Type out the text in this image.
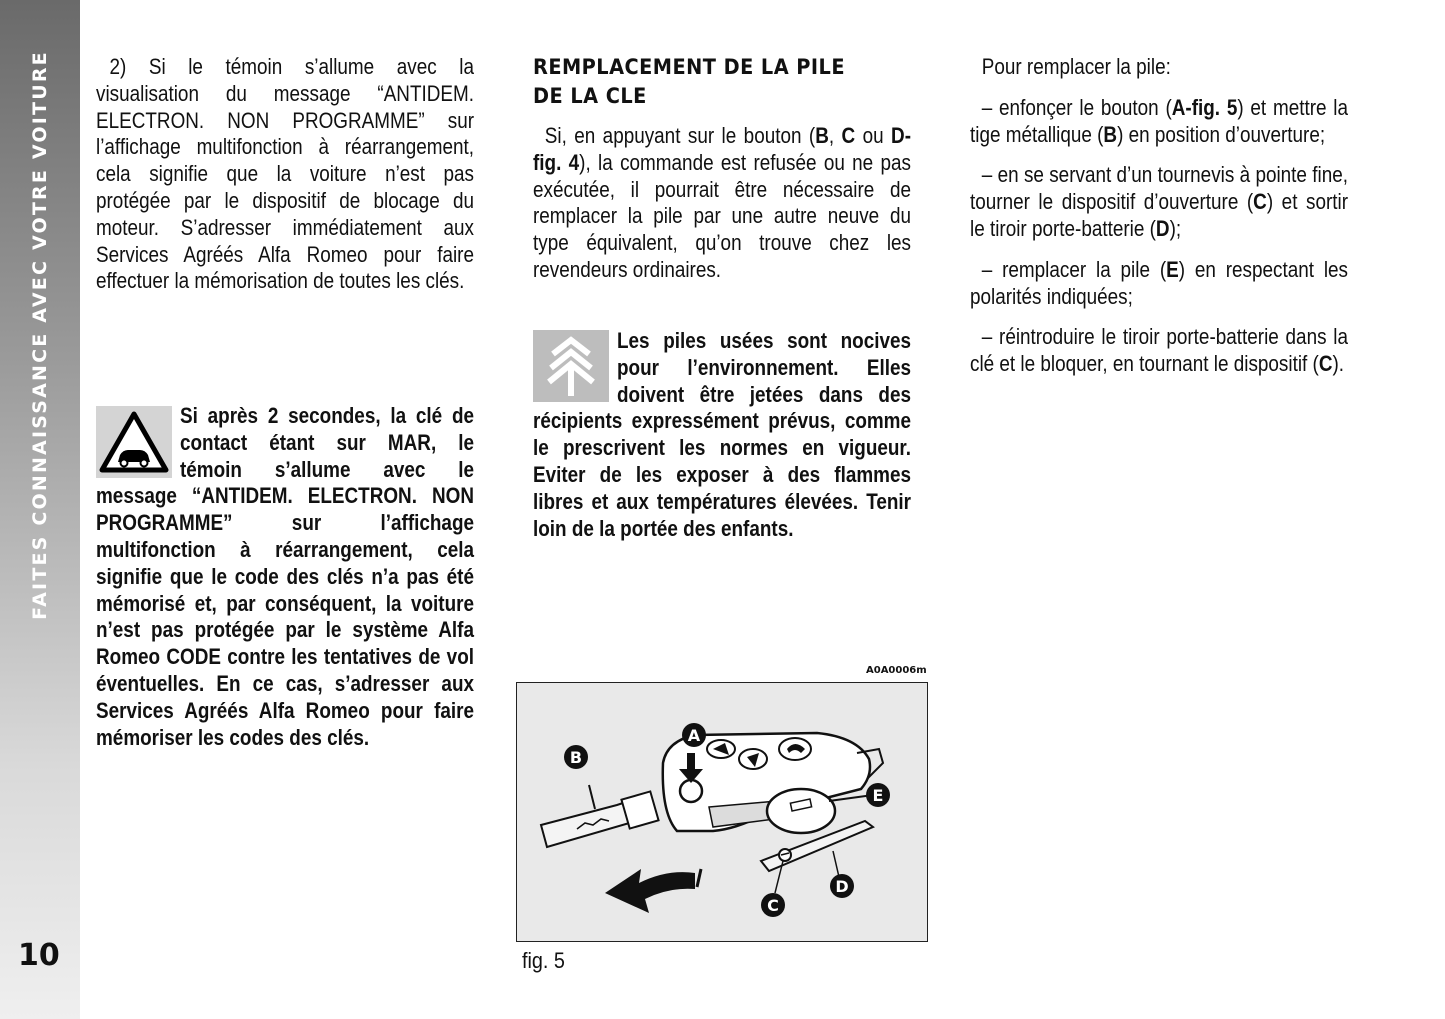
FAITES CONNAISSANCE AVEC VOTRE VOITURE
10

2) Si le témoin s’allume avec la visualisation du message “ANTIDEM. ELECTRON. NON PROGRAMME” sur l’affichage multifonction à réarrangement, cela signifie que la voiture n’est pas protégée par le dispositif de blocage du moteur. S’adresser immédiatement aux Services Agréés Alfa Romeo pour faire effectuer la mémorisation de toutes les clés.

Si après 2 secondes, la clé de contact étant sur MAR, le témoin s’allume avec le message “ANTIDEM. ELECTRON. NON PROGRAMME” sur l’affichage multifonction à réarrangement, cela signifie que le code des clés n’a pas été mémorisé et, par conséquent, la voiture n’est pas protégée par le système Alfa Romeo CODE contre les tentatives de vol éventuelles. En ce cas, s’adresser aux Services Agréés Alfa Romeo pour faire mémoriser les codes des clés.

REMPLACEMENT DE LA PILE
DE LA CLE

Si, en appuyant sur le bouton (B, C ou D-fig. 4), la commande est refusée ou ne pas exécutée, il pourrait être nécessaire de remplacer la pile par une autre neuve du type équivalent, qu’on trouve chez les revendeurs ordinaires.

Les piles usées sont nocives pour l’environnement. Elles doivent être jetées dans des récipients expressément prévus, comme le prescrivent les normes en vigueur. Eviter de les exposer à des flammes libres et aux températures élevées. Tenir loin de la portée des enfants.

A0A0006m
A
B
E
C
D
fig. 5

Pour remplacer la pile:

– enfonçer le bouton (A-fig. 5) et mettre la tige métallique (B) en position d’ouverture;

– en se servant d’un tournevis à pointe fine, tourner le dispositif d’ouverture (C) et sortir le tiroir porte-batterie (D);

– remplacer la pile (E) en respectant les polarités indiquées;

– réintroduire le tiroir porte-batterie dans la clé et le bloquer, en tournant le dispositif (C).
